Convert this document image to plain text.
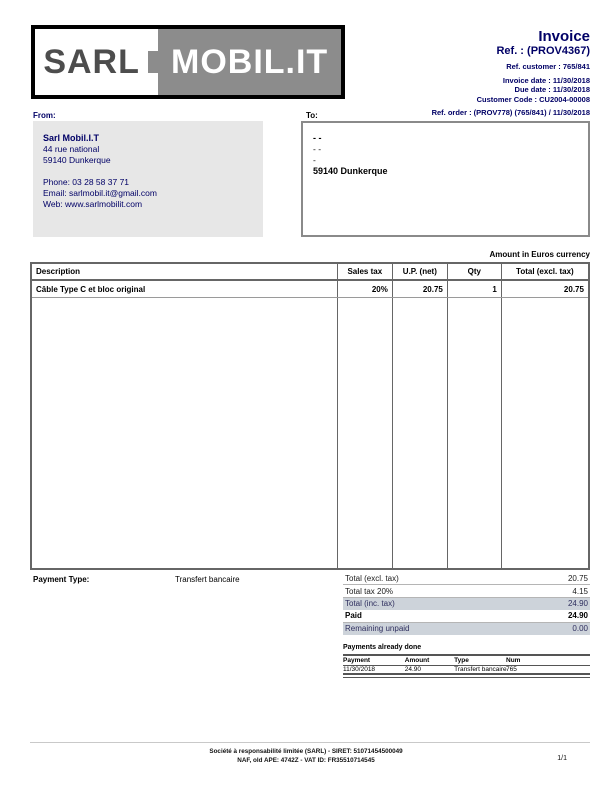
SARL MOBIL.IT
Invoice
Ref. : (PROV4367)
Ref. customer : 765/841
Invoice date : 11/30/2018
Due date : 11/30/2018
Customer Code : CU2004-00008
Ref. order : (PROV778) (765/841) / 11/30/2018
From:
Sarl Mobil.I.T
44 rue national
59140 Dunkerque
Phone: 03 28 58 37 71
Email: sarlmobil.it@gmail.com
Web: www.sarlmobilit.com
To:
- -
- -
-
59140 Dunkerque
Amount in Euros currency
Description	Sales tax	U.P. (net)	Qty	Total (excl. tax)
Câble Type C et bloc original	20%	20.75	1	20.75
Payment Type:	Transfert bancaire	Total (excl. tax)	20.75
Total tax 20%	4.15
Total (inc. tax)	24.90
Paid	24.90
Remaining unpaid	0.00
Payments already done
Payment	Amount	Type	Num
11/30/2018	24.90	Transfert bancaire 765
Société à responsabilité limitée (SARL) - SIRET: 51071454500049
NAF, old APE: 4742Z - VAT ID: FR35510714545	1/1
